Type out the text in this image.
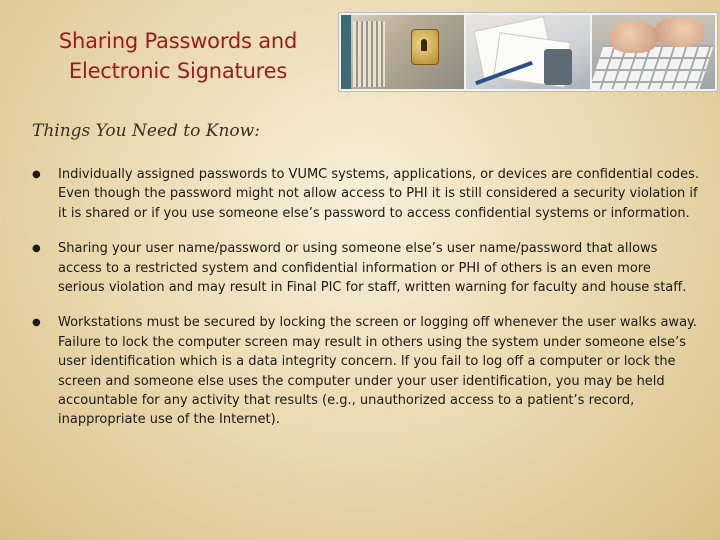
Sharing Passwords and
Electronic Signatures
Things You Need to Know:
● Individually assigned passwords to VUMC systems, applications, or devices are confidential codes. Even though the password might not allow access to PHI it is still considered a security violation if it is shared or if you use someone else’s password to access confidential systems or information.
● Sharing your user name/password or using someone else’s user name/password that allows access to a restricted system and confidential information or PHI of others is an even more serious violation and may result in Final PIC for staff, written warning for faculty and house staff.
● Workstations must be secured by locking the screen or logging off whenever the user walks away. Failure to lock the computer screen may result in others using the system under someone else’s user identification which is a data integrity concern. If you fail to log off a computer or lock the screen and someone else uses the computer under your user identification, you may be held accountable for any activity that results (e.g., unauthorized access to a patient’s record, inappropriate use of the Internet).
